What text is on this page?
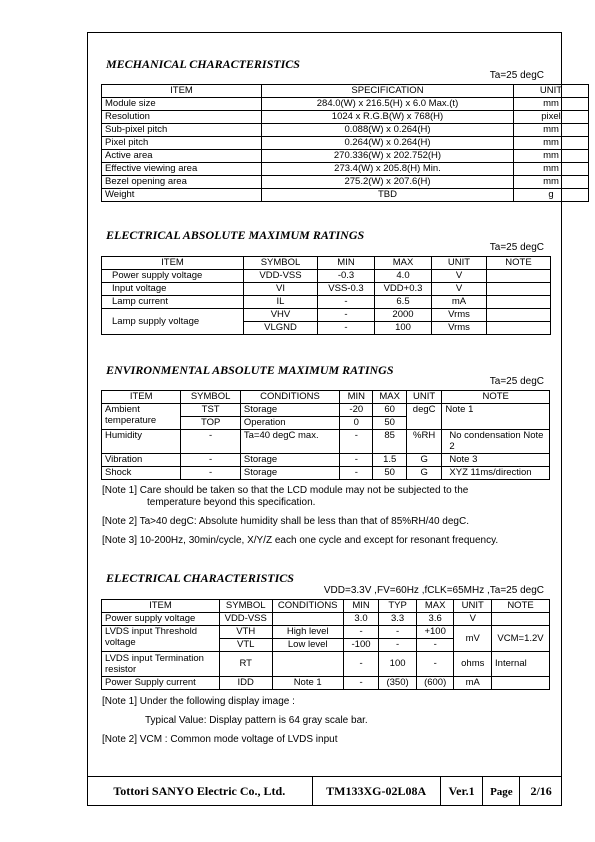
MECHANICAL CHARACTERISTICS
Ta=25 degC
ITEM	SPECIFICATION	UNIT
Module size	284.0(W) x 216.5(H) x 6.0 Max.(t)	mm
Resolution	1024 x R.G.B(W) x 768(H)	pixel
Sub-pixel pitch	0.088(W) x 0.264(H)	mm
Pixel pitch	0.264(W) x 0.264(H)	mm
Active area	270.336(W) x 202.752(H)	mm
Effective viewing area	273.4(W) x 205.8(H) Min.	mm
Bezel opening area	275.2(W) x 207.6(H)	mm
Weight	TBD	g
ELECTRICAL ABSOLUTE MAXIMUM RATINGS
Ta=25 degC
ITEM	SYMBOL	MIN	MAX	UNIT	NOTE
Power supply voltage	VDD-VSS	-0.3	4.0	V	
Input voltage	VI	VSS-0.3	VDD+0.3	V	
Lamp current	IL	-	6.5	mA	
Lamp supply voltage	VHV	-	2000	Vrms	
	VLGND	-	100	Vrms	
ENVIRONMENTAL ABSOLUTE MAXIMUM RATINGS
Ta=25 degC
ITEM	SYMBOL	CONDITIONS	MIN	MAX	UNIT	NOTE
Ambient temperature	TST	Storage	-20	60	degC	Note 1
	TOP	Operation	0	50		
Humidity	-	Ta=40 degC max.	-	85	%RH	No condensation Note 2
Vibration	-	Storage	-	1.5	G	Note 3
Shock	-	Storage	-	50	G	XYZ 11ms/direction
[Note 1] Care should be taken so that the LCD module may not be subjected to the
temperature beyond this specification.
[Note 2] Ta>40 degC: Absolute humidity shall be less than that of 85%RH/40 degC.
[Note 3] 10-200Hz, 30min/cycle, X/Y/Z each one cycle and except for resonant frequency.
ELECTRICAL CHARACTERISTICS
VDD=3.3V ,FV=60Hz ,fCLK=65MHz ,Ta=25 degC
ITEM	SYMBOL	CONDITIONS	MIN	TYP	MAX	UNIT	NOTE
Power supply voltage	VDD-VSS		3.0	3.3	3.6	V	
LVDS input Threshold voltage	VTH	High level	-	-	+100	mV	VCM=1.2V
	VTL	Low level	-100	-	-		
LVDS input Termination resistor	RT		-	100	-	ohms	Internal
Power Supply current	IDD	Note 1	-	(350)	(600)	mA	
[Note 1] Under the following display image :
Typical Value: Display pattern is 64 gray scale bar.
[Note 2] VCM : Common mode voltage of LVDS input
Tottori SANYO Electric Co., Ltd.	TM133XG-02L08A	Ver.1	Page	2/16
